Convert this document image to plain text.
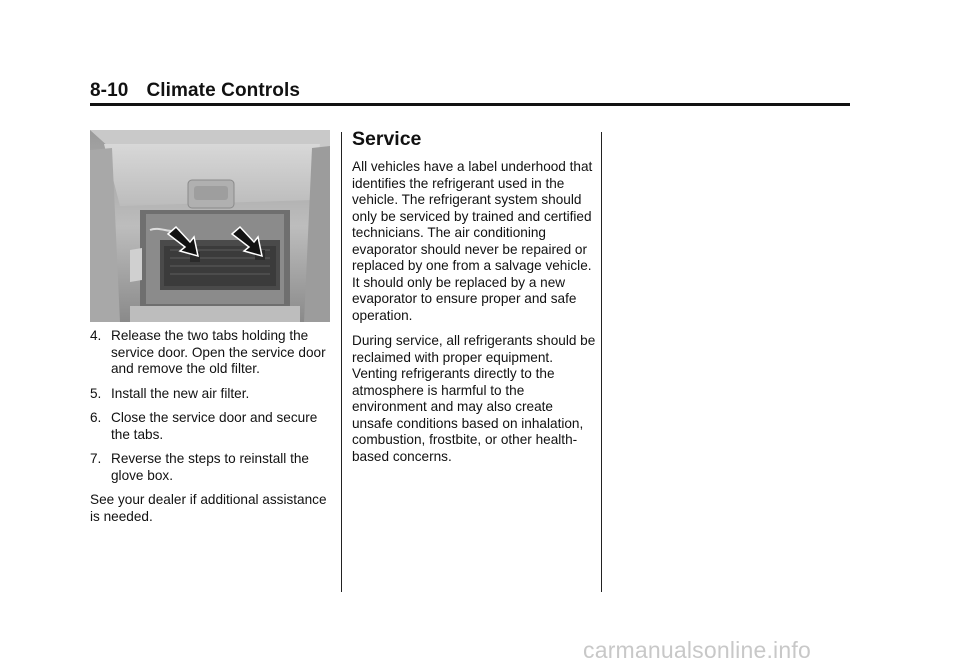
8-10 Climate Controls
4. Release the two tabs holding the service door. Open the service door and remove the old filter.
5. Install the new air filter.
6. Close the service door and secure the tabs.
7. Reverse the steps to reinstall the glove box.

See your dealer if additional assistance is needed.

Service

All vehicles have a label underhood that identifies the refrigerant used in the vehicle. The refrigerant system should only be serviced by trained and certified technicians. The air conditioning evaporator should never be repaired or replaced by one from a salvage vehicle.
It should only be replaced by a new evaporator to ensure proper and safe operation.

During service, all refrigerants should be reclaimed with proper equipment. Venting refrigerants directly to the atmosphere is harmful to the environment and may also create unsafe conditions based on inhalation, combustion, frostbite, or other health-based concerns.

carmanualsonline.info
